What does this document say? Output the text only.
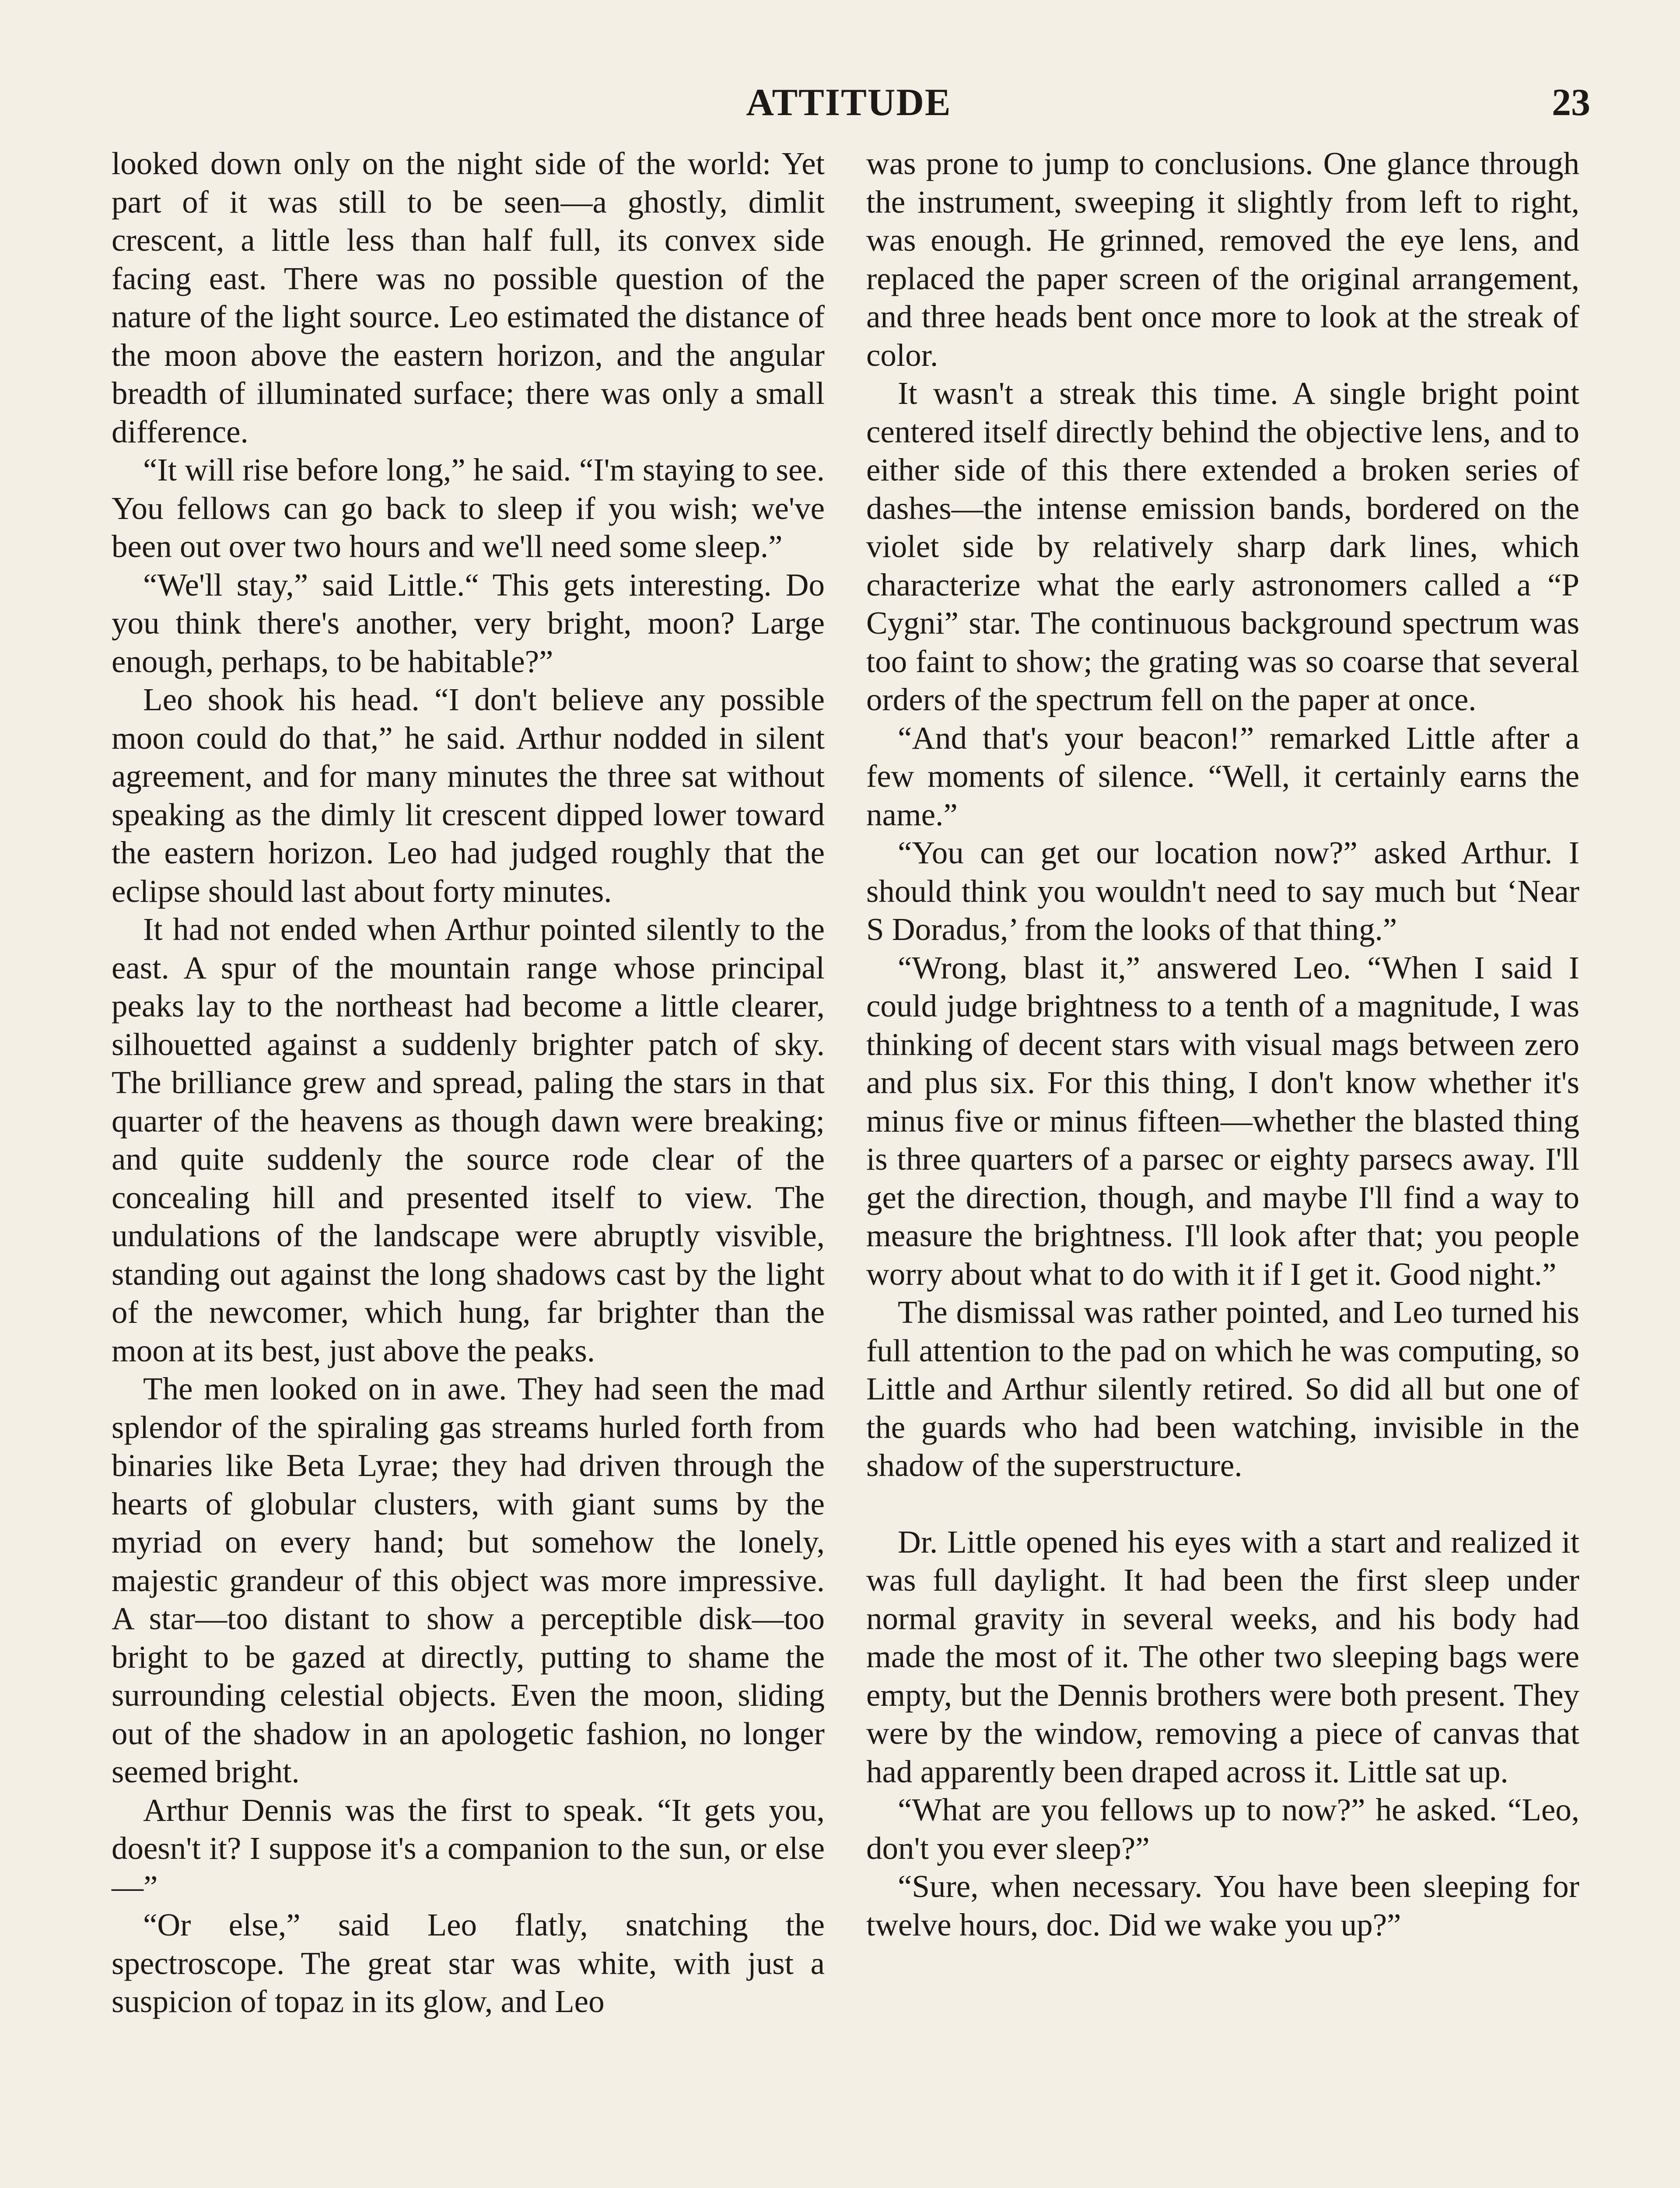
ATTITUDE	23

looked down only on the night side of the world: Yet part of it was still to be seen—a ghostly, dimlit crescent, a little less than half full, its convex side facing east. There was no possible question of the nature of the light source. Leo estimated the distance of the moon above the eastern horizon, and the angular breadth of illuminated surface; there was only a small difference.

“It will rise before long,” he said. “I'm staying to see. You fellows can go back to sleep if you wish; we've been out over two hours and we'll need some sleep.”

“We'll stay,” said Little.“ This gets interesting. Do you think there's another, very bright, moon? Large enough, perhaps, to be habitable?”

Leo shook his head. “I don't believe any possible moon could do that,” he said. Arthur nodded in silent agreement, and for many minutes the three sat without speaking as the dimly lit crescent dipped lower toward the eastern horizon. Leo had judged roughly that the eclipse should last about forty minutes.

It had not ended when Arthur pointed silently to the east. A spur of the mountain range whose principal peaks lay to the northeast had become a little clearer, silhouetted against a suddenly brighter patch of sky. The brilliance grew and spread, paling the stars in that quarter of the heavens as though dawn were breaking; and quite suddenly the source rode clear of the concealing hill and presented itself to view. The undulations of the landscape were abruptly visvible, standing out against the long shadows cast by the light of the newcomer, which hung, far brighter than the moon at its best, just above the peaks.

The men looked on in awe. They had seen the mad splendor of the spiraling gas streams hurled forth from binaries like Beta Lyrae; they had driven through the hearts of globular clusters, with giant sums by the myriad on every hand; but somehow the lonely, majestic grandeur of this object was more impressive. A star—too distant to show a perceptible disk—too bright to be gazed at directly, putting to shame the surrounding celestial objects. Even the moon, sliding out of the shadow in an apologetic fashion, no longer seemed bright.

Arthur Dennis was the first to speak. “It gets you, doesn't it? I suppose it's a companion to the sun, or else—”

“Or else,” said Leo flatly, snatching the spectroscope. The great star was white, with just a suspicion of topaz in its glow, and Leo

was prone to jump to conclusions. One glance through the instrument, sweeping it slightly from left to right, was enough. He grinned, removed the eye lens, and replaced the paper screen of the original arrangement, and three heads bent once more to look at the streak of color.

It wasn't a streak this time. A single bright point centered itself directly behind the objective lens, and to either side of this there extended a broken series of dashes—the intense emission bands, bordered on the violet side by relatively sharp dark lines, which characterize what the early astronomers called a “P Cygni” star. The continuous background spectrum was too faint to show; the grating was so coarse that several orders of the spectrum fell on the paper at once.

“And that's your beacon!” remarked Little after a few moments of silence. “Well, it certainly earns the name.”

“You can get our location now?” asked Arthur. I should think you wouldn't need to say much but ‘Near S Doradus,’ from the looks of that thing.”

“Wrong, blast it,” answered Leo. “When I said I could judge brightness to a tenth of a magnitude, I was thinking of decent stars with visual mags between zero and plus six. For this thing, I don't know whether it's minus five or minus fifteen—whether the blasted thing is three quarters of a parsec or eighty parsecs away. I'll get the direction, though, and maybe I'll find a way to measure the brightness. I'll look after that; you people worry about what to do with it if I get it. Good night.”

The dismissal was rather pointed, and Leo turned his full attention to the pad on which he was computing, so Little and Arthur silently retired. So did all but one of the guards who had been watching, invisible in the shadow of the superstructure.

Dr. Little opened his eyes with a start and realized it was full daylight. It had been the first sleep under normal gravity in several weeks, and his body had made the most of it. The other two sleeping bags were empty, but the Dennis brothers were both present. They were by the window, removing a piece of canvas that had apparently been draped across it. Little sat up.

“What are you fellows up to now?” he asked. “Leo, don't you ever sleep?”

“Sure, when necessary. You have been sleeping for twelve hours, doc. Did we wake you up?”
